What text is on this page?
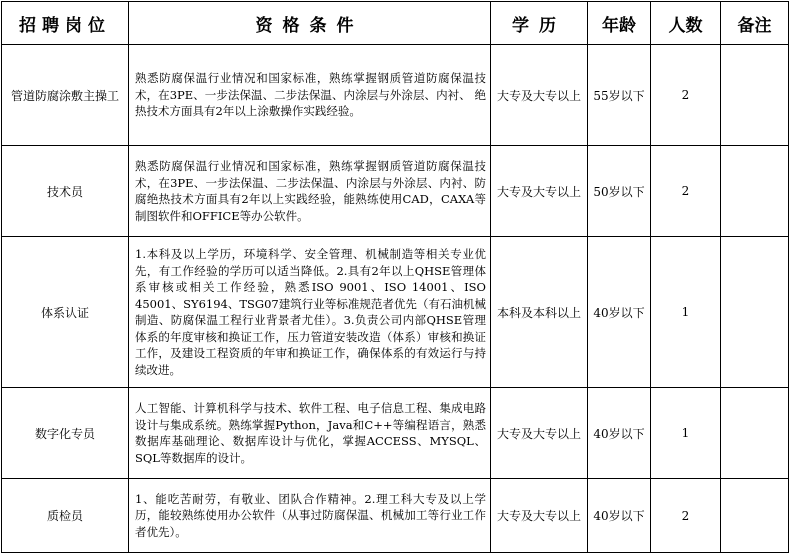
招聘岗位	资格条件	学历	年龄	人数	备注
管道防腐涂敷主操工	熟悉防腐保温行业情况和国家标准，熟练掌握钢质管道防腐保温技术，在3PE、一步法保温、二步法保温、内涂层与外涂层、内衬、 绝热技术方面具有2年以上涂敷操作实践经验。	大专及大专以上	55岁以下	2	
技术员	熟悉防腐保温行业情况和国家标准，熟练掌握钢质管道防腐保温技术，在3PE、一步法保温、二步法保温、内涂层与外涂层、内衬、防腐绝热技术方面具有2年以上实践经验，能熟练使用CAD，CAXA等制图软件和OFFICE等办公软件。	大专及大专以上	50岁以下	2	
体系认证	1.本科及以上学历，环境科学、安全管理、机械制造等相关专业优先，有工作经验的学历可以适当降低。2.具有2年以上QHSE管理体系审核或相关工作经验，熟悉ISO 9001、ISO 14001、ISO 45001、SY6194、TSG07建筑行业等标准规范者优先（有石油机械制造、防腐保温工程行业背景者尤佳）。3.负责公司内部QHSE管理体系的年度审核和换证工作，压力管道安装改造（体系）审核和换证工作，及建设工程资质的年审和换证工作，确保体系的有效运行与持续改进。	本科及本科以上	40岁以下	1	
数字化专员	人工智能、计算机科学与技术、软件工程、电子信息工程、集成电路设计与集成系统。熟练掌握Python，Java和C++等编程语言，熟悉数据库基础理论、数据库设计与优化，掌握ACCESS、MYSQL、SQL等数据库的设计。	大专及大专以上	40岁以下	1	
质检员	1、能吃苦耐劳，有敬业、团队合作精神。2.理工科大专及以上学历，能较熟练使用办公软件（从事过防腐保温、机械加工等行业工作者优先）。	大专及大专以上	40岁以下	2	
